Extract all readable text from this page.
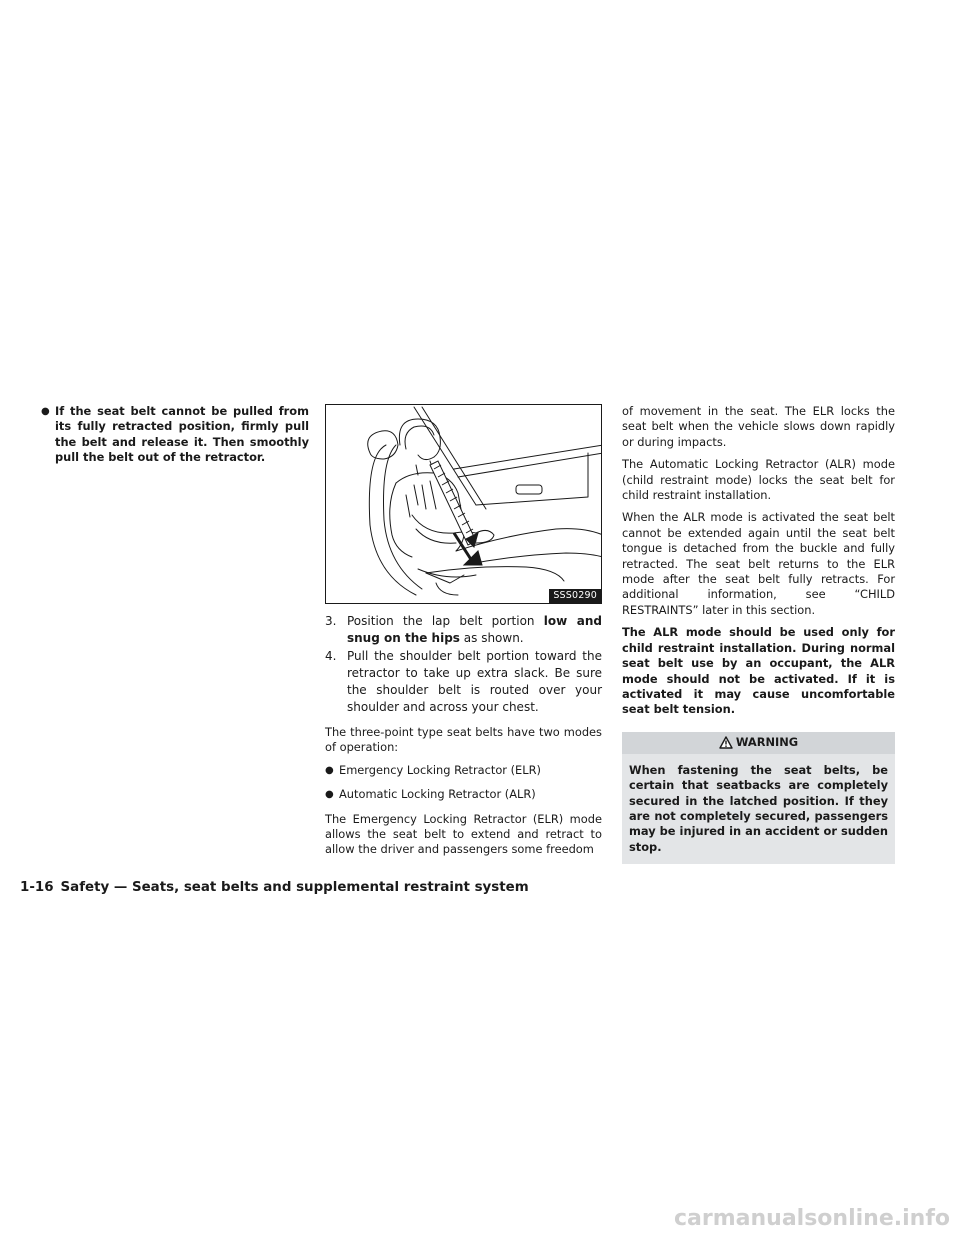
● If the seat belt cannot be pulled from its fully retracted position, firmly pull the belt and release it. Then smoothly pull the belt out of the retractor.
SSS0290
3. Position the lap belt portion low and snug on the hips as shown.
4. Pull the shoulder belt portion toward the retractor to take up extra slack. Be sure the shoulder belt is routed over your shoulder and across your chest.

The three-point type seat belts have two modes of operation:

● Emergency Locking Retractor (ELR)
● Automatic Locking Retractor (ALR)

The Emergency Locking Retractor (ELR) mode allows the seat belt to extend and retract to allow the driver and passengers some freedom

of movement in the seat. The ELR locks the seat belt when the vehicle slows down rapidly or during impacts.

The Automatic Locking Retractor (ALR) mode (child restraint mode) locks the seat belt for child restraint installation.

When the ALR mode is activated the seat belt cannot be extended again until the seat belt tongue is detached from the buckle and fully retracted. The seat belt returns to the ELR mode after the seat belt fully retracts. For additional information, see “CHILD RESTRAINTS” later in this section.

The ALR mode should be used only for child restraint installation. During normal seat belt use by an occupant, the ALR mode should not be activated. If it is activated it may cause uncomfortable seat belt tension.

WARNING
When fastening the seat belts, be certain that seatbacks are completely secured in the latched position. If they are not completely secured, passengers may be injured in an accident or sudden stop.
1-16 Safety — Seats, seat belts and supplemental restraint system
carmanualsonline.info
